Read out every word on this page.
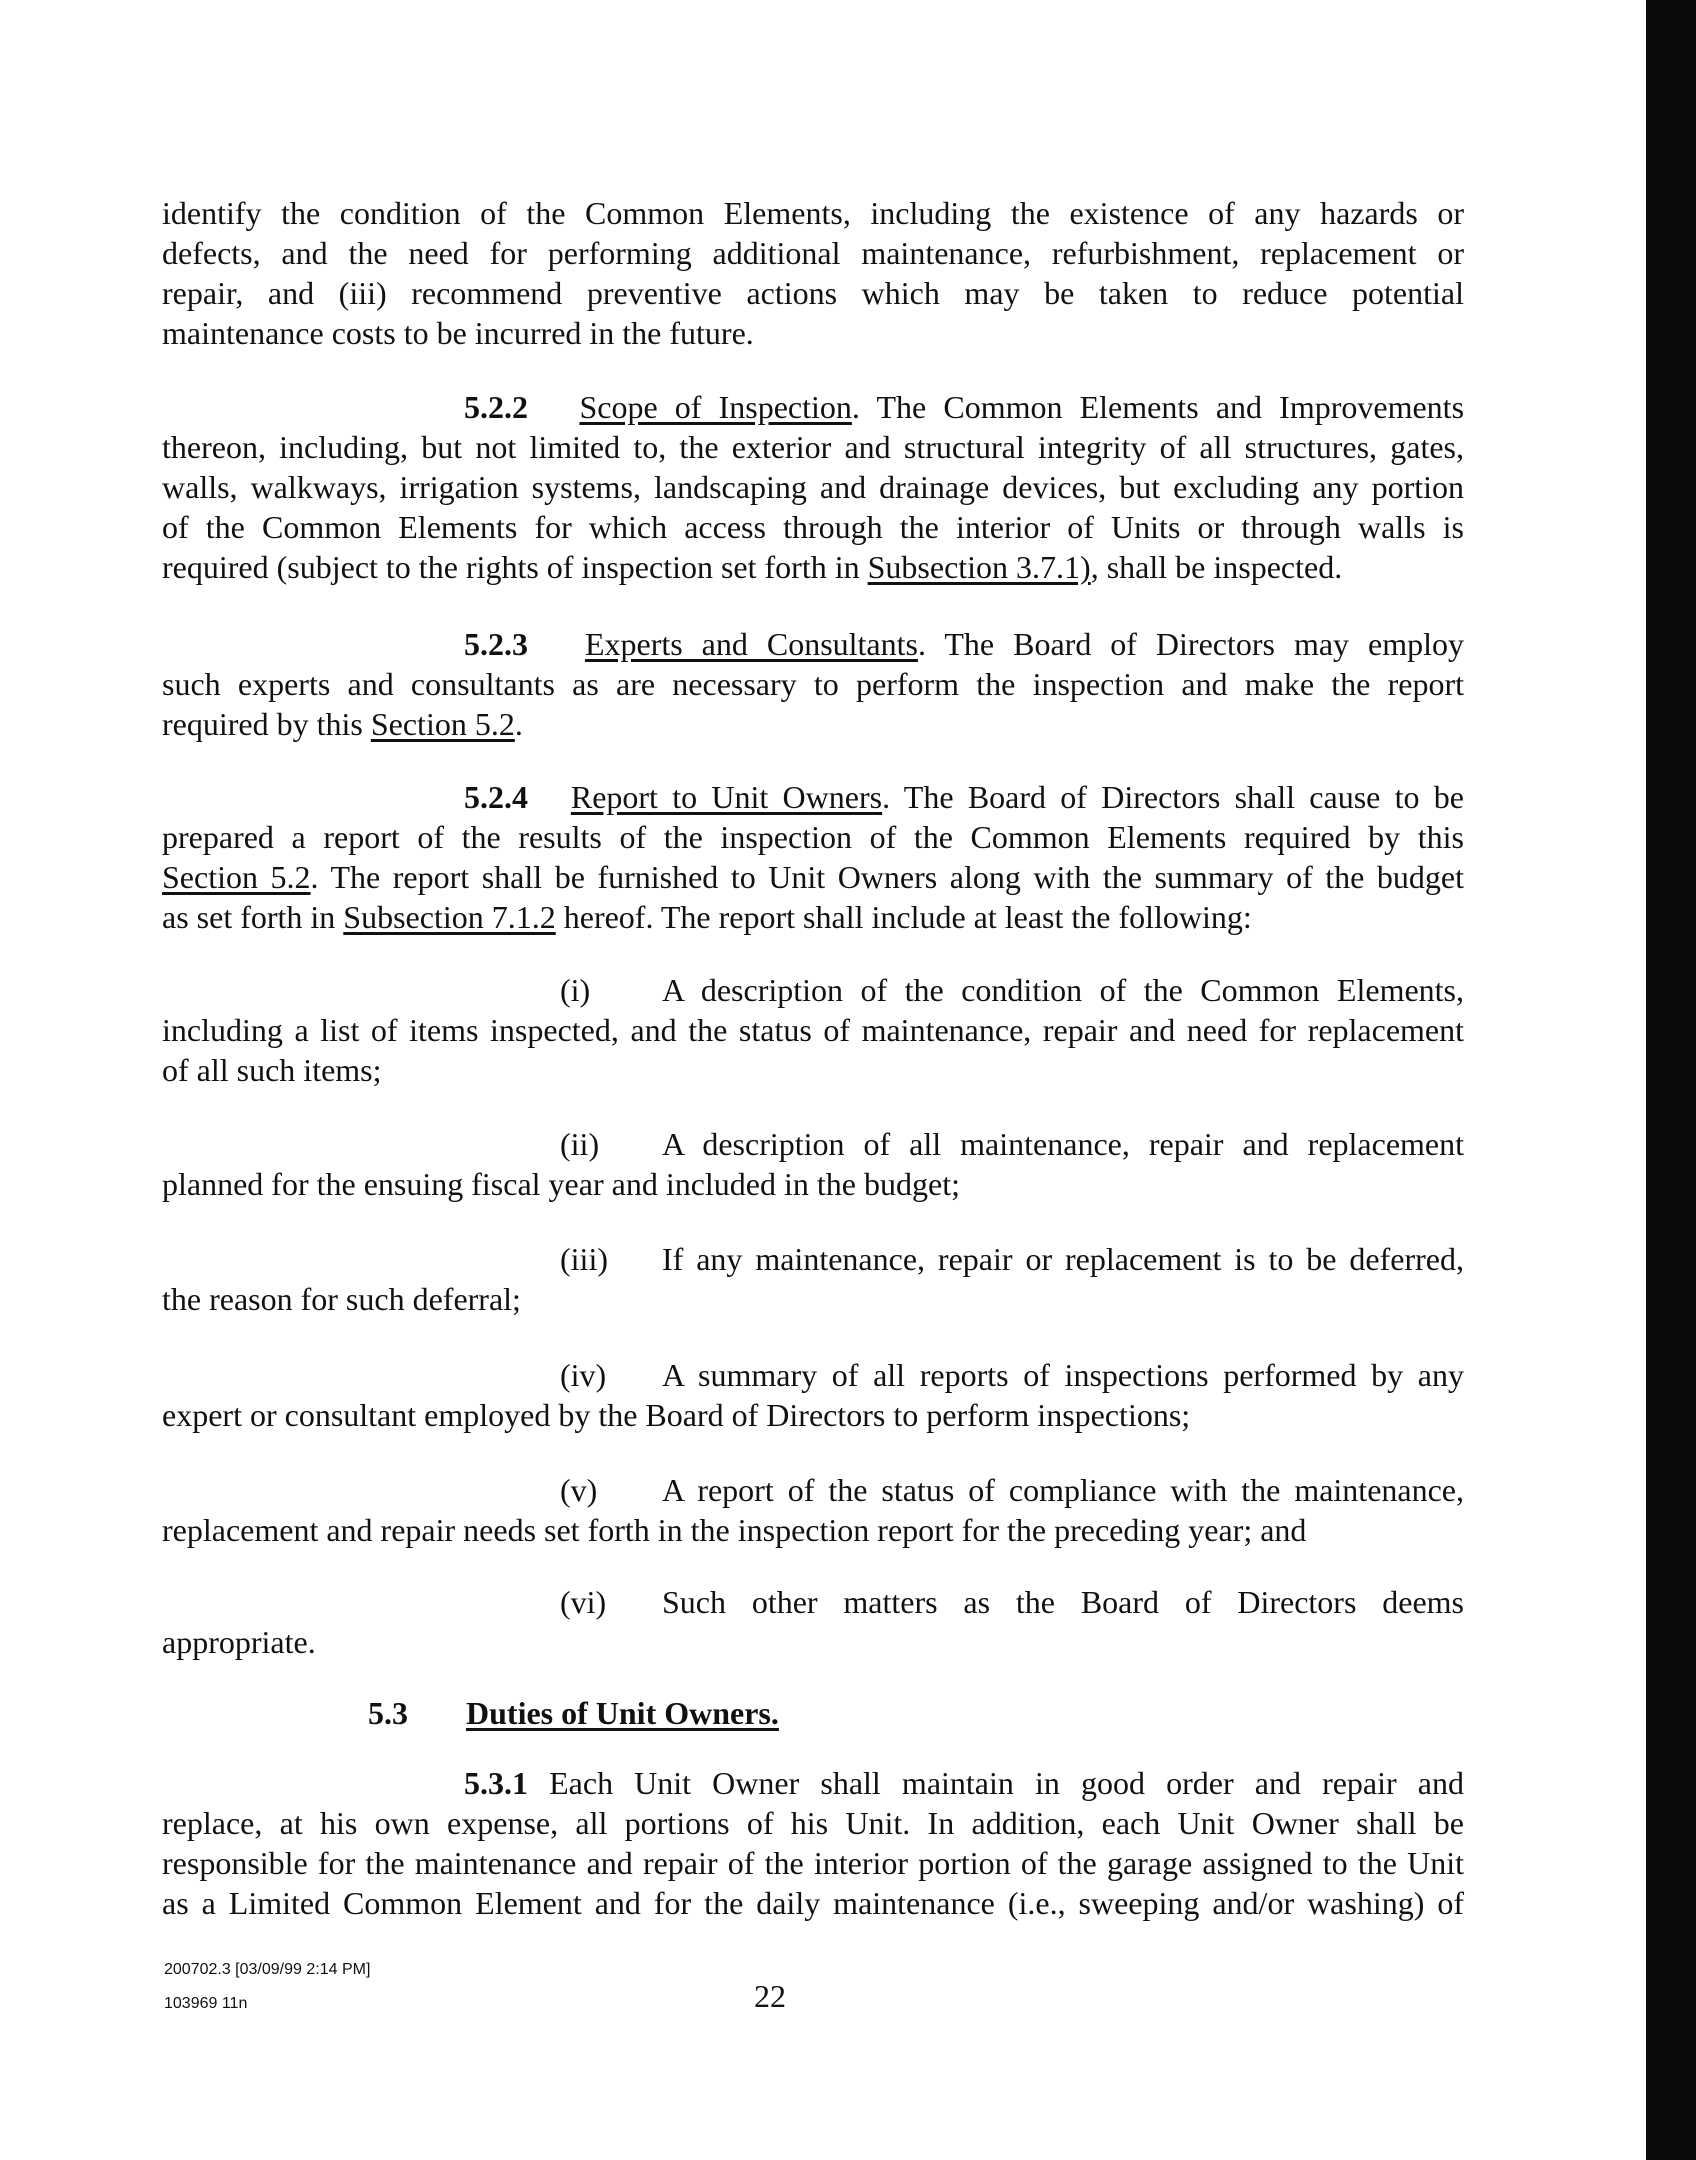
identify the condition of the Common Elements, including the existence of any hazards or
defects, and the need for performing additional maintenance, refurbishment, replacement or
repair, and (iii) recommend preventive actions which may be taken to reduce potential
maintenance costs to be incurred in the future.
5.2.2 Scope of Inspection. The Common Elements and Improvements
thereon, including, but not limited to, the exterior and structural integrity of all structures, gates,
walls, walkways, irrigation systems, landscaping and drainage devices, but excluding any portion
of the Common Elements for which access through the interior of Units or through walls is
required (subject to the rights of inspection set forth in Subsection 3.7.1), shall be inspected.
5.2.3 Experts and Consultants. The Board of Directors may employ
such experts and consultants as are necessary to perform the inspection and make the report
required by this Section 5.2.
5.2.4 Report to Unit Owners. The Board of Directors shall cause to be
prepared a report of the results of the inspection of the Common Elements required by this
Section 5.2. The report shall be furnished to Unit Owners along with the summary of the budget
as set forth in Subsection 7.1.2 hereof. The report shall include at least the following:
(i) A description of the condition of the Common Elements,
including a list of items inspected, and the status of maintenance, repair and need for replacement
of all such items;
(ii) A description of all maintenance, repair and replacement
planned for the ensuing fiscal year and included in the budget;
(iii) If any maintenance, repair or replacement is to be deferred,
the reason for such deferral;
(iv) A summary of all reports of inspections performed by any
expert or consultant employed by the Board of Directors to perform inspections;
(v) A report of the status of compliance with the maintenance,
replacement and repair needs set forth in the inspection report for the preceding year; and
(vi) Such other matters as the Board of Directors deems
appropriate.
5.3 Duties of Unit Owners.
5.3.1 Each Unit Owner shall maintain in good order and repair and
replace, at his own expense, all portions of his Unit. In addition, each Unit Owner shall be
responsible for the maintenance and repair of the interior portion of the garage assigned to the Unit
as a Limited Common Element and for the daily maintenance (i.e., sweeping and/or washing) of
200702.3 [03/09/99 2:14 PM]
103969 11n	22
